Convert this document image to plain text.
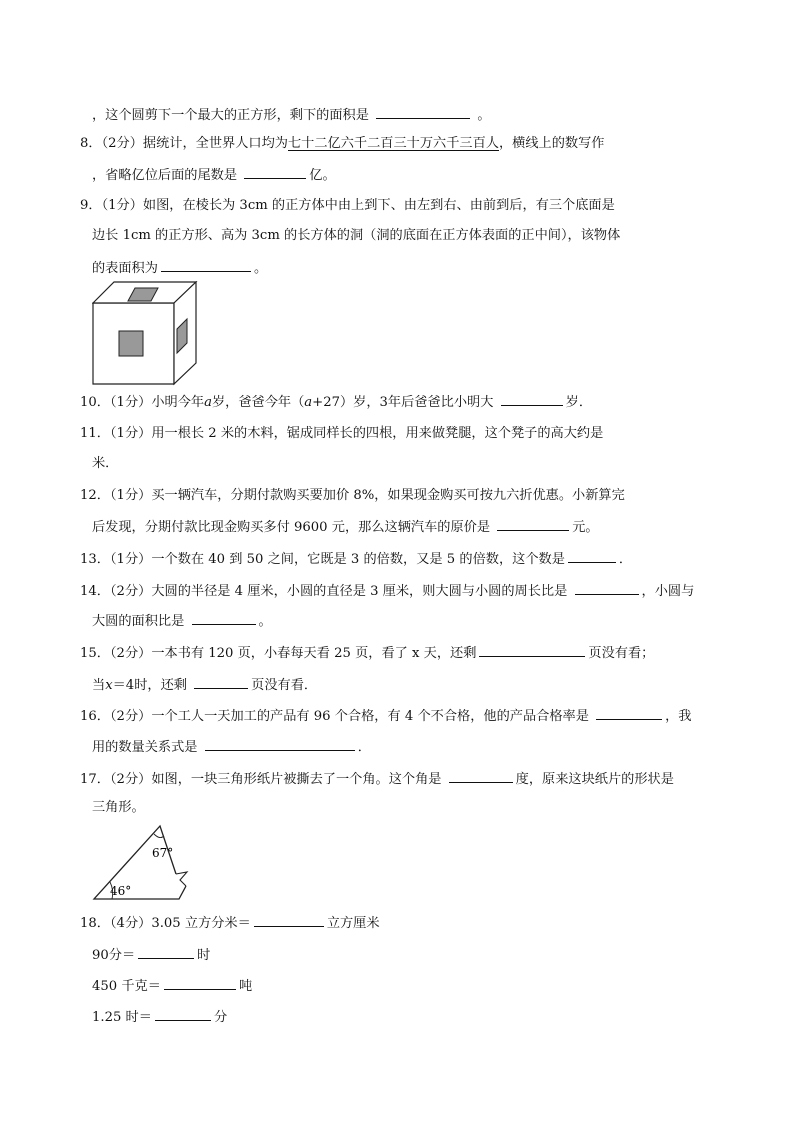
，这个圆剪下一个最大的正方形，剩下的面积是	。
8．（2分）据统计，全世界人口均为七十二亿六千二百三十万六千三百人，横线上的数写作
，省略亿位后面的尾数是	亿。
9．（1分）如图，在棱长为 3cm 的正方体中由上到下、由左到右、由前到后，有三个底面是
边长 1cm 的正方形、高为 3cm 的长方体的洞（洞的底面在正方体表面的正中间），该物体
的表面积为	。
10．（1分）小明今年a岁，爸爸今年（a+27）岁，3年后爸爸比小明大	岁．
11．（1分）用一根长 2 米的木料，锯成同样长的四根，用来做凳腿，这个凳子的高大约是
米．
12．（1分）买一辆汽车，分期付款购买要加价 8%，如果现金购买可按九六折优惠。小新算完
后发现，分期付款比现金购买多付 9600 元，那么这辆汽车的原价是	元。
13．（1分）一个数在 40 到 50 之间，它既是 3 的倍数，又是 5 的倍数，这个数是	．
14．（2分）大圆的半径是 4 厘米，小圆的直径是 3 厘米，则大圆与小圆的周长比是	，小圆与
大圆的面积比是	。
15．（2分）一本书有 120 页，小春每天看 25 页，看了 x 天，还剩	页没有看；
当x＝4时，还剩	页没有看．
16．（2分）一个工人一天加工的产品有 96 个合格，有 4 个不合格，他的产品合格率是	，我
用的数量关系式是	．
17．（2分）如图，一块三角形纸片被撕去了一个角。这个角是	度，原来这块纸片的形状是
三角形。
67°
46°
18．（4分）3.05 立方分米＝	立方厘米
90分＝	时
450 千克＝	吨
1.25 时＝	分
